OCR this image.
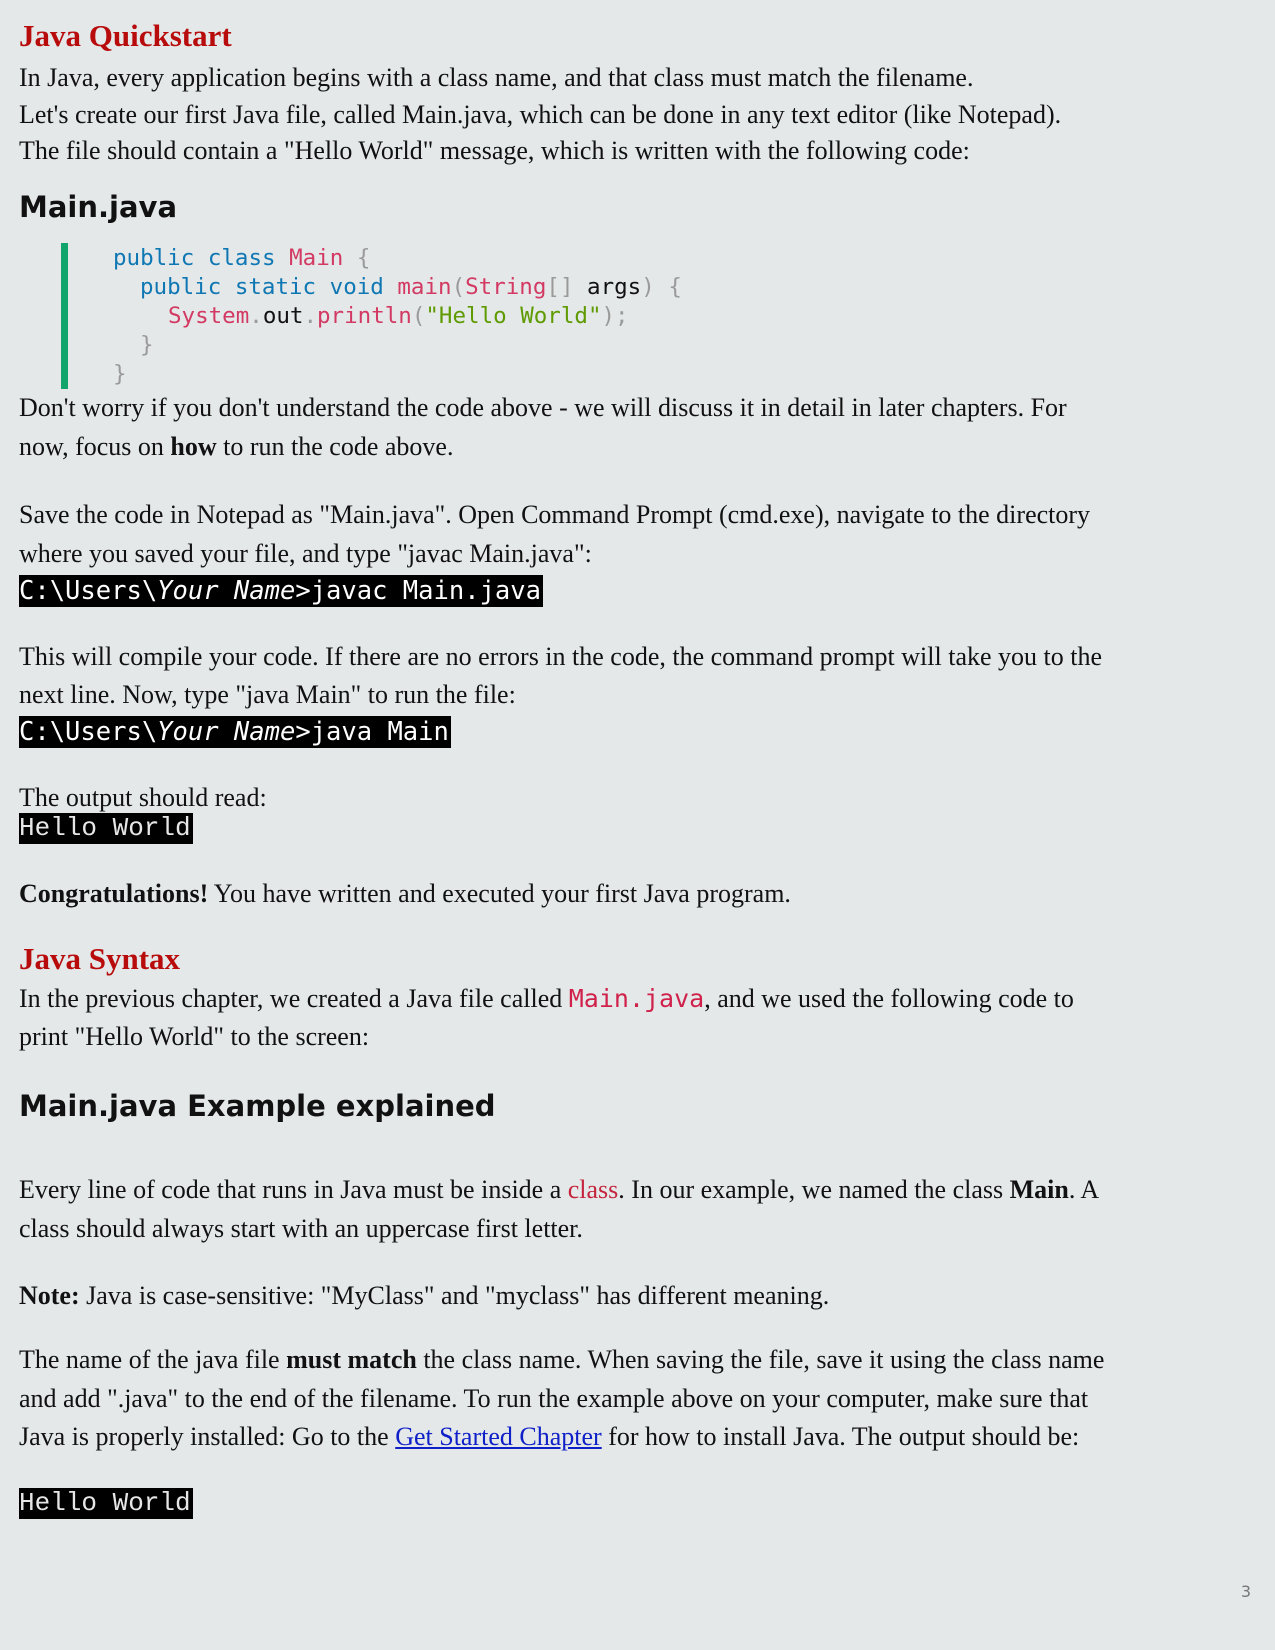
Java Quickstart
In Java, every application begins with a class name, and that class must match the filename.
Let's create our first Java file, called Main.java, which can be done in any text editor (like Notepad).
The file should contain a "Hello World" message, which is written with the following code:
Main.java
public class Main {
public static void main(String[] args) {
System.out.println("Hello World");
}
}
Don't worry if you don't understand the code above - we will discuss it in detail in later chapters. For
now, focus on how to run the code above.
Save the code in Notepad as "Main.java". Open Command Prompt (cmd.exe), navigate to the directory
where you saved your file, and type "javac Main.java":
C:\Users\Your Name>javac Main.java
This will compile your code. If there are no errors in the code, the command prompt will take you to the
next line. Now, type "java Main" to run the file:
C:\Users\Your Name>java Main
The output should read:
Hello World
Congratulations! You have written and executed your first Java program.
Java Syntax
In the previous chapter, we created a Java file called Main.java, and we used the following code to
print "Hello World" to the screen:
Main.java Example explained
Every line of code that runs in Java must be inside a class. In our example, we named the class Main. A
class should always start with an uppercase first letter.
Note: Java is case-sensitive: "MyClass" and "myclass" has different meaning.
The name of the java file must match the class name. When saving the file, save it using the class name
and add ".java" to the end of the filename. To run the example above on your computer, make sure that
Java is properly installed: Go to the Get Started Chapter for how to install Java. The output should be:
Hello World
3
